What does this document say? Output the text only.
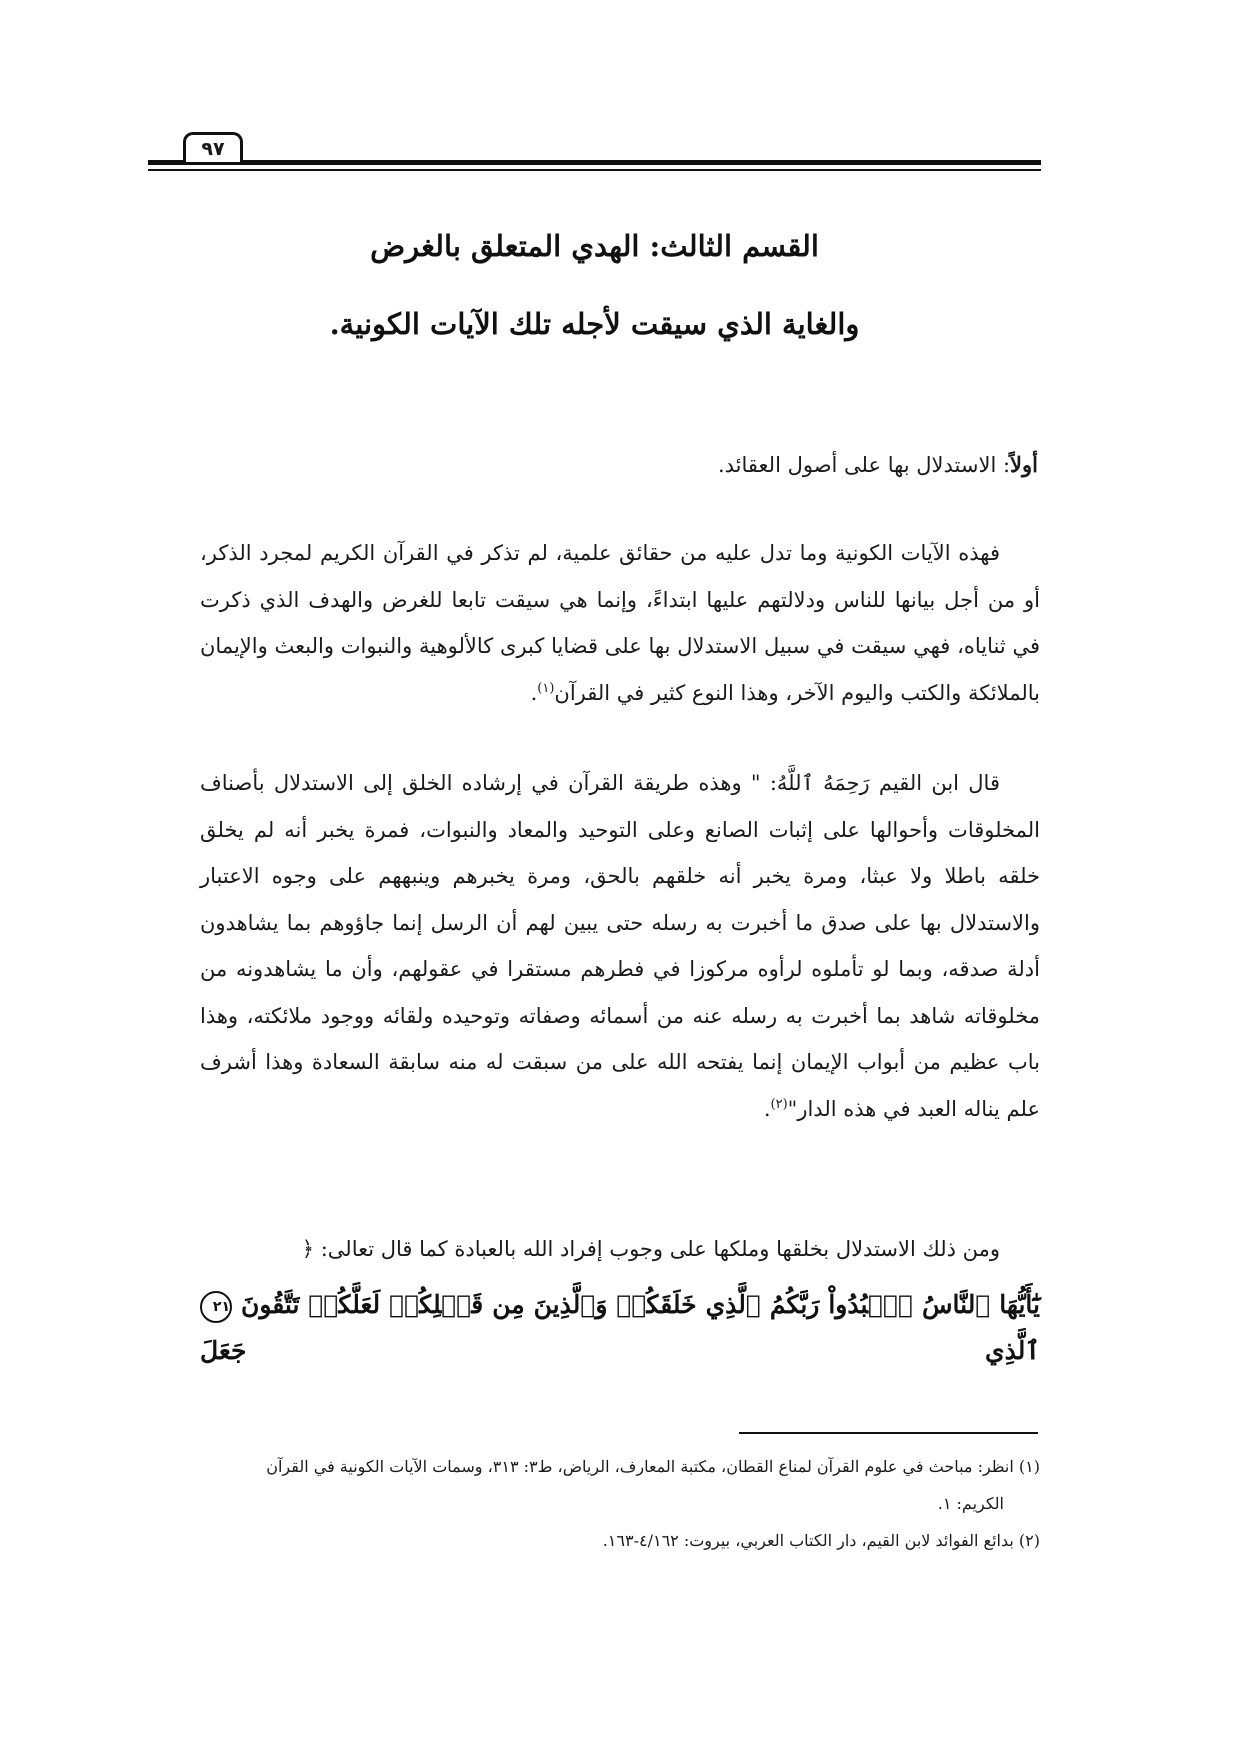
٩٧
القسم الثالث: الهدي المتعلق بالغرض
والغاية الذي سيقت لأجله تلك الآيات الكونية.
أولاً: الاستدلال بها على أصول العقائد.

فهذه الآيات الكونية وما تدل عليه من حقائق علمية، لم تذكر في القرآن الكريم لمجرد الذكر، أو من أجل بيانها للناس ودلالتهم عليها ابتداءً، وإنما هي سيقت تابعا للغرض والهدف الذي ذكرت في ثناياه، فهي سيقت في سبيل الاستدلال بها على قضايا كبرى كالألوهية والنبوات والبعث والإيمان بالملائكة والكتب واليوم الآخر، وهذا النوع كثير في القرآن$^{(١)}$.

قال ابن القيم رَحِمَهُ ٱللَّهُ: " وهذه طريقة القرآن في إرشاده الخلق إلى الاستدلال بأصناف المخلوقات وأحوالها على إثبات الصانع وعلى التوحيد والمعاد والنبوات، فمرة يخبر أنه لم يخلق خلقه باطلا ولا عبثا، ومرة يخبر أنه خلقهم بالحق، ومرة يخبرهم وينبههم على وجوه الاعتبار والاستدلال بها على صدق ما أخبرت به رسله حتى يبين لهم أن الرسل إنما جاؤوهم بما يشاهدون أدلة صدقه، وبما لو تأملوه لرأوه مركوزا في فطرهم مستقرا في عقولهم، وأن ما يشاهدونه من مخلوقاته شاهد بما أخبرت به رسله عنه من أسمائه وصفاته وتوحيده ولقائه ووجود ملائكته، وهذا باب عظيم من أبواب الإيمان إنما يفتحه الله على من سبقت له منه سابقة السعادة وهذا أشرف علم يناله العبد في هذه الدار"$^{(٢)}$.

ومن ذلك الاستدلال بخلقها وملكها على وجوب إفراد الله بالعبادة كما قال تعالى: ﴿

يَٰٓأَيُّهَا ٱلنَّاسُ ٱعۡبُدُواْ رَبَّكُمُ ٱلَّذِي خَلَقَكُمۡ وَٱلَّذِينَ مِن قَبۡلِكُمۡ لَعَلَّكُمۡ تَتَّقُونَ ٢١ ٱلَّذِي جَعَلَ

(١) انظر: مباحث في علوم القرآن لمناع القطان، مكتبة المعارف، الرياض، ط٣: ٣١٣، وسمات الآيات الكونية في القرآن

الكريم: ١.

(٢) بدائع الفوائد لابن القيم، دار الكتاب العربي، بيروت: ٤/١٦٢-١٦٣.
